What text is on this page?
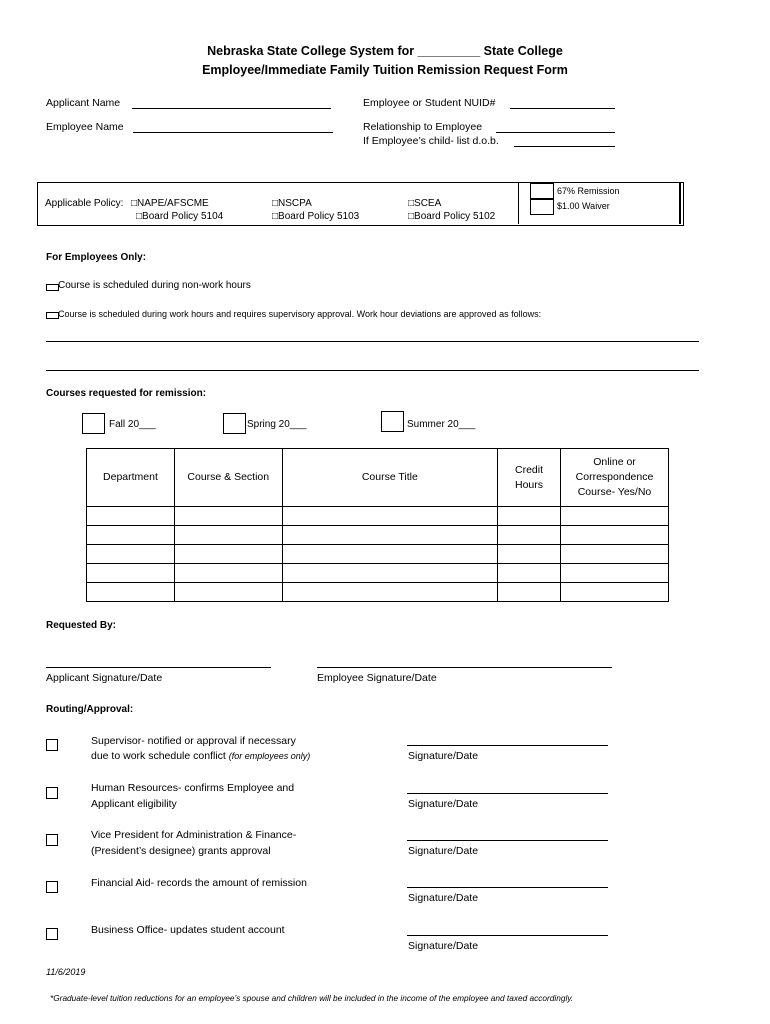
Nebraska State College System for _________ State College
Employee/Immediate Family Tuition Remission Request Form
Applicant Name
Employee Name
Employee or Student NUID#
Relationship to Employee
If Employee’s child- list d.o.b.
Applicable Policy: □NAPE/AFSCME
□Board Policy 5104
□NSCPA
□Board Policy 5103
□SCEA
□Board Policy 5102
67% Remission
$1.00 Waiver
For Employees Only:
Course is scheduled during non-work hours
Course is scheduled during work hours and requires supervisory approval. Work hour deviations are approved as follows:
Courses requested for remission:
Fall 20___	Spring 20___	Summer 20___
Department	Course & Section	Course Title	Credit Hours	Online or Correspondence Course- Yes/No

Requested By:
Applicant Signature/Date	Employee Signature/Date
Routing/Approval:
Supervisor- notified or approval if necessary
due to work schedule conflict (for employees only)	Signature/Date
Human Resources- confirms Employee and
Applicant eligibility	Signature/Date
Vice President for Administration & Finance-
(President’s designee) grants approval	Signature/Date
Financial Aid- records the amount of remission
Signature/Date
Business Office- updates student account
Signature/Date
11/6/2019
*Graduate-level tuition reductions for an employee’s spouse and children will be included in the income of the employee and taxed accordingly.
